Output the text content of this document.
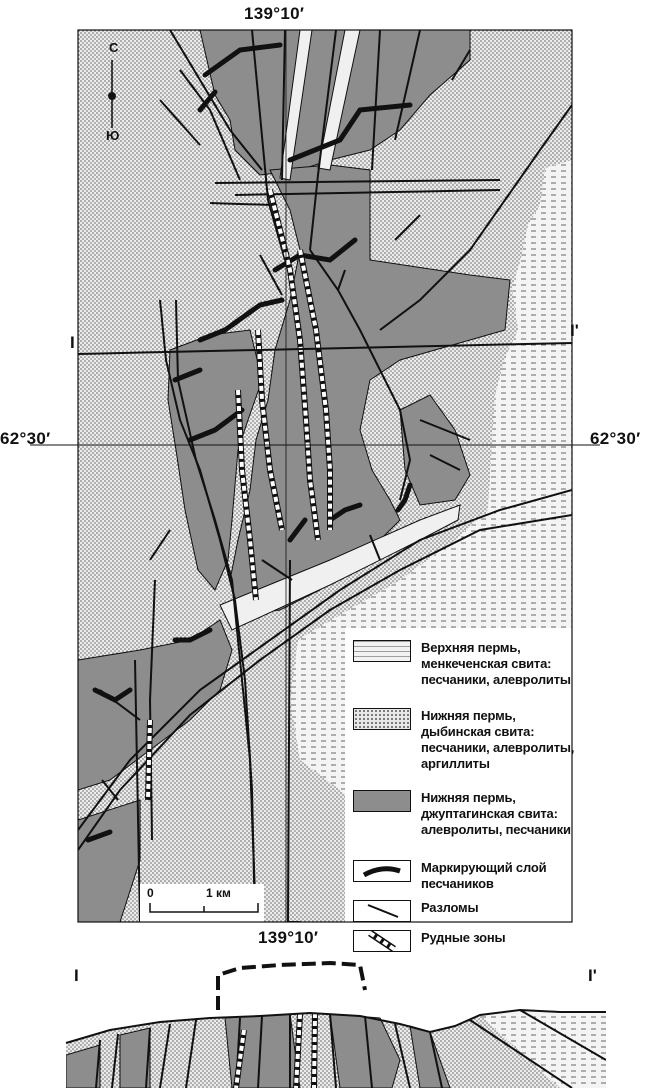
139°10′
139°10′
62°30′	62°30′
С
Ю
I
I'
I	I'
0	1 км
Верхняя пермь,
менкеченская свита:
песчаники, алевролиты
Нижняя пермь,
дыбинская свита:
песчаники, алевролиты,
аргиллиты
Нижняя пермь,
джуптагинская свита:
алевролиты, песчаники
Маркирующий слой
песчаников
Разломы
Рудные зоны
